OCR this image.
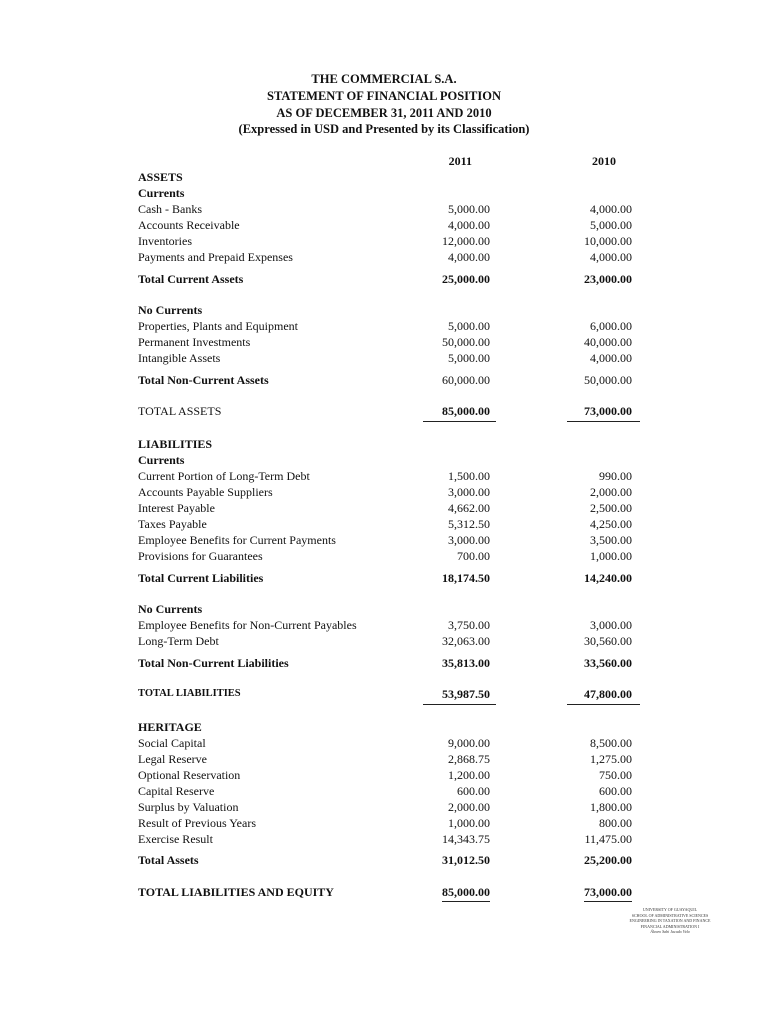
THE COMMERCIAL S.A.
STATEMENT OF FINANCIAL POSITION
AS OF DECEMBER 31, 2011 AND 2010
(Expressed in USD and Presented by its Classification)
2011	2010
ASSETS
Currents
Cash - Banks	5,000.00	4,000.00
Accounts Receivable	4,000.00	5,000.00
Inventories	12,000.00	10,000.00
Payments and Prepaid Expenses	4,000.00	4,000.00
Total Current Assets	25,000.00	23,000.00
No Currents
Properties, Plants and Equipment	5,000.00	6,000.00
Permanent Investments	50,000.00	40,000.00
Intangible Assets	5,000.00	4,000.00
Total Non-Current Assets	60,000.00	50,000.00
TOTAL ASSETS	85,000.00	73,000.00
LIABILITIES
Currents
Current Portion of Long-Term Debt	1,500.00	990.00
Accounts Payable Suppliers	3,000.00	2,000.00
Interest Payable	4,662.00	2,500.00
Taxes Payable	5,312.50	4,250.00
Employee Benefits for Current Payments	3,000.00	3,500.00
Provisions for Guarantees	700.00	1,000.00
Total Current Liabilities	18,174.50	14,240.00
No Currents
Employee Benefits for Non-Current Payables	3,750.00	3,000.00
Long-Term Debt	32,063.00	30,560.00
Total Non-Current Liabilities	35,813.00	33,560.00
TOTAL LIABILITIES	53,987.50	47,800.00
HERITAGE
Social Capital	9,000.00	8,500.00
Legal Reserve	2,868.75	1,275.00
Optional Reservation	1,200.00	750.00
Capital Reserve	600.00	600.00
Surplus by Valuation	2,000.00	1,800.00
Result of Previous Years	1,000.00	800.00
Exercise Result	14,343.75	11,475.00
Total Assets	31,012.50	25,200.00
TOTAL LIABILITIES AND EQUITY	85,000.00	73,000.00
UNIVERSITY OF GUAYAQUIL
SCHOOL OF ADMINISTRATIVE SCIENCES
ENGINEERING IN TAXATION AND FINANCE
FINANCIAL ADMINISTRATION I
Álvaro Sabi Jacado Vela
